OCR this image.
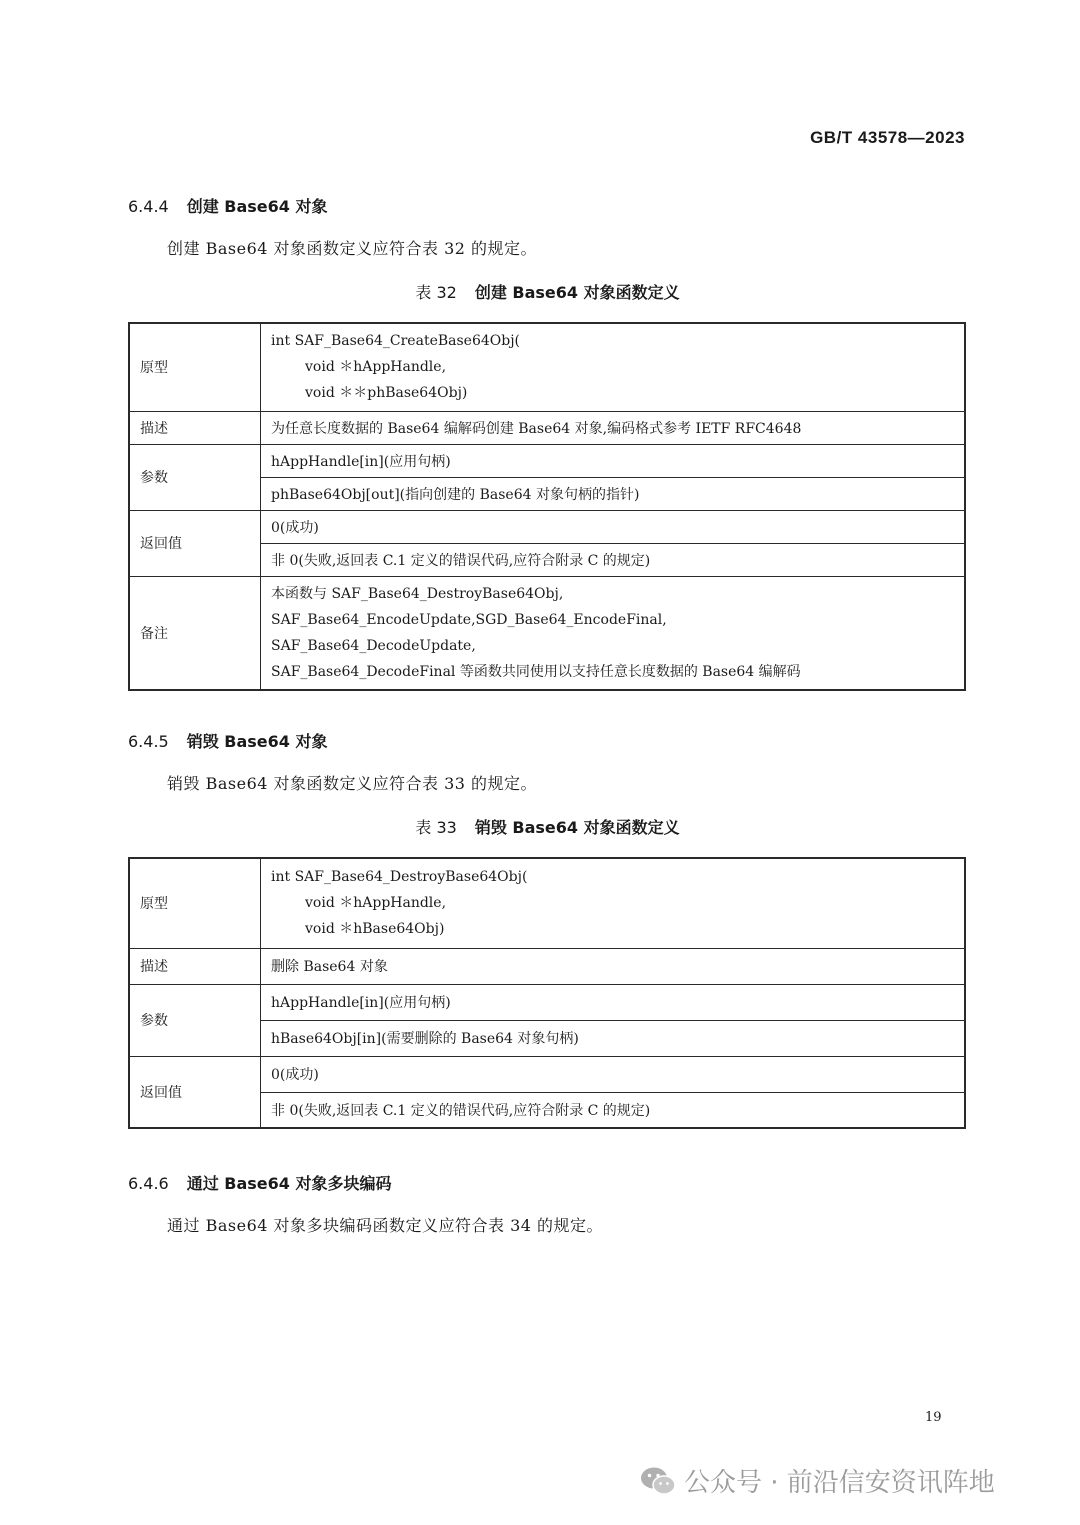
GB/T 43578—2023
6.4.4 创建 Base64 对象
创建 Base64 对象函数定义应符合表 32 的规定。
表 32 创建 Base64 对象函数定义
原型	int SAF_Base64_CreateBase64Obj(
void ＊hAppHandle,
void ＊＊phBase64Obj)

描述	为任意长度数据的 Base64 编解码创建 Base64 对象,编码格式参考 IETF RFC4648
参数	hAppHandle[in](应用句柄)
	phBase64Obj[out](指向创建的 Base64 对象句柄的指针)
返回值	0(成功)
	非 0(失败,返回表 C.1 定义的错误代码,应符合附录 C 的规定)
备注	本函数与 SAF_Base64_DestroyBase64Obj,
SAF_Base64_EncodeUpdate,SGD_Base64_EncodeFinal,
SAF_Base64_DecodeUpdate,
SAF_Base64_DecodeFinal 等函数共同使用以支持任意长度数据的 Base64 编解码
6.4.5 销毁 Base64 对象
销毁 Base64 对象函数定义应符合表 33 的规定。
表 33 销毁 Base64 对象函数定义
原型	int SAF_Base64_DestroyBase64Obj(
void ＊hAppHandle,
void ＊hBase64Obj)

描述	删除 Base64 对象
参数	hAppHandle[in](应用句柄)
	hBase64Obj[in](需要删除的 Base64 对象句柄)
返回值	0(成功)
	非 0(失败,返回表 C.1 定义的错误代码,应符合附录 C 的规定)
6.4.6 通过 Base64 对象多块编码
通过 Base64 对象多块编码函数定义应符合表 34 的规定。
19
公众号 · 前沿信安资讯阵地
